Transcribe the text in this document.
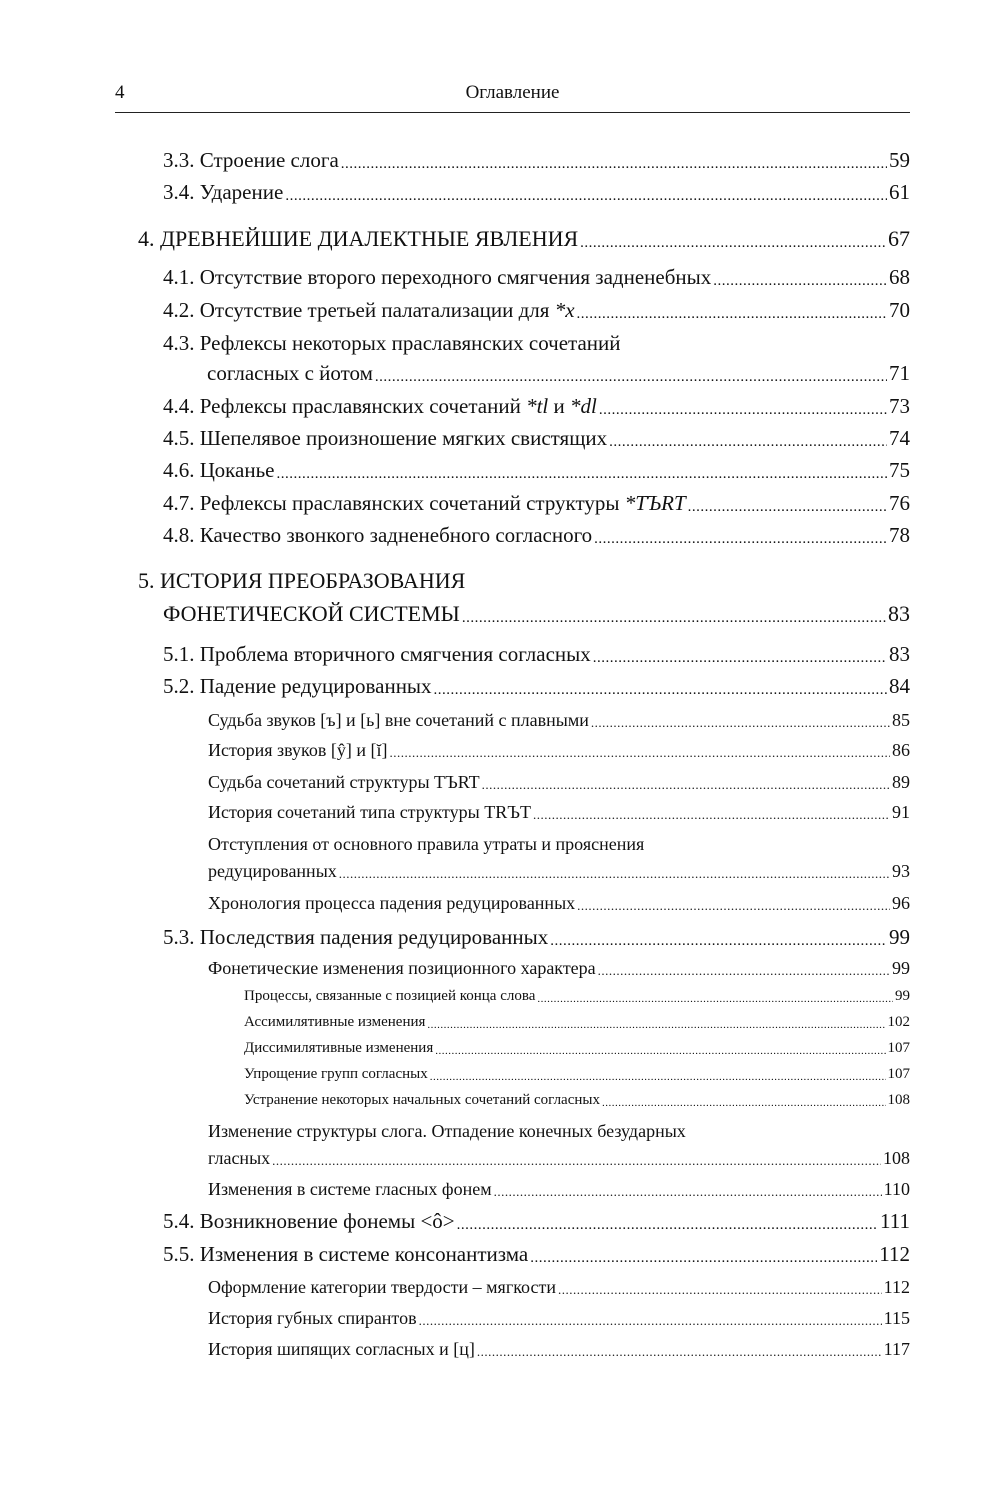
4	Оглавление
3.3. Строение слога .....	59
3.4. Ударение .....	61
4. ДРЕВНЕЙШИЕ ДИАЛЕКТНЫЕ ЯВЛЕНИЯ .....	67
4.1. Отсутствие второго переходного смягчения задненебных .....	68
4.2. Отсутствие третьей палатализации для *x .....	70
4.3. Рефлексы некоторых праславянских сочетаний
согласных с йотом .....	71
4.4. Рефлексы праславянских сочетаний *tl и *dl .....	73
4.5. Шепелявое произношение мягких свистящих .....	74
4.6. Цоканье .....	75
4.7. Рефлексы праславянских сочетаний структуры *TЪRT .....	76
4.8. Качество звонкого задненебного согласного .....	78
5. ИСТОРИЯ ПРЕОБРАЗОВАНИЯ
ФОНЕТИЧЕСКОЙ СИСТЕМЫ .....	83
5.1. Проблема вторичного смягчения согласных .....	83
5.2. Падение редуцированных .....	84
Судьба звуков [ъ] и [ь] вне сочетаний с плавными .....	85
История звуков [ŷ] и [ĭ] .....	86
Судьба сочетаний структуры TЪRT .....	89
История сочетаний типа структуры TRЪT .....	91
Отступления от основного правила утраты и прояснения
редуцированных .....	93
Хронология процесса падения редуцированных .....	96
5.3. Последствия падения редуцированных .....	99
Фонетические изменения позиционного характера .....	99
Процессы, связанные с позицией конца слова .....	99
Ассимилятивные изменения .....	102
Диссимилятивные изменения .....	107
Упрощение групп согласных .....	107
Устранение некоторых начальных сочетаний согласных .....	108
Изменение структуры слога. Отпадение конечных безударных
гласных .....	108
Изменения в системе гласных фонем .....	110
5.4. Возникновение фонемы <ô> .....	111
5.5. Изменения в системе консонантизма .....	112
Оформление категории твердости – мягкости .....	112
История губных спирантов .....	115
История шипящих согласных и [ц] .....	117
